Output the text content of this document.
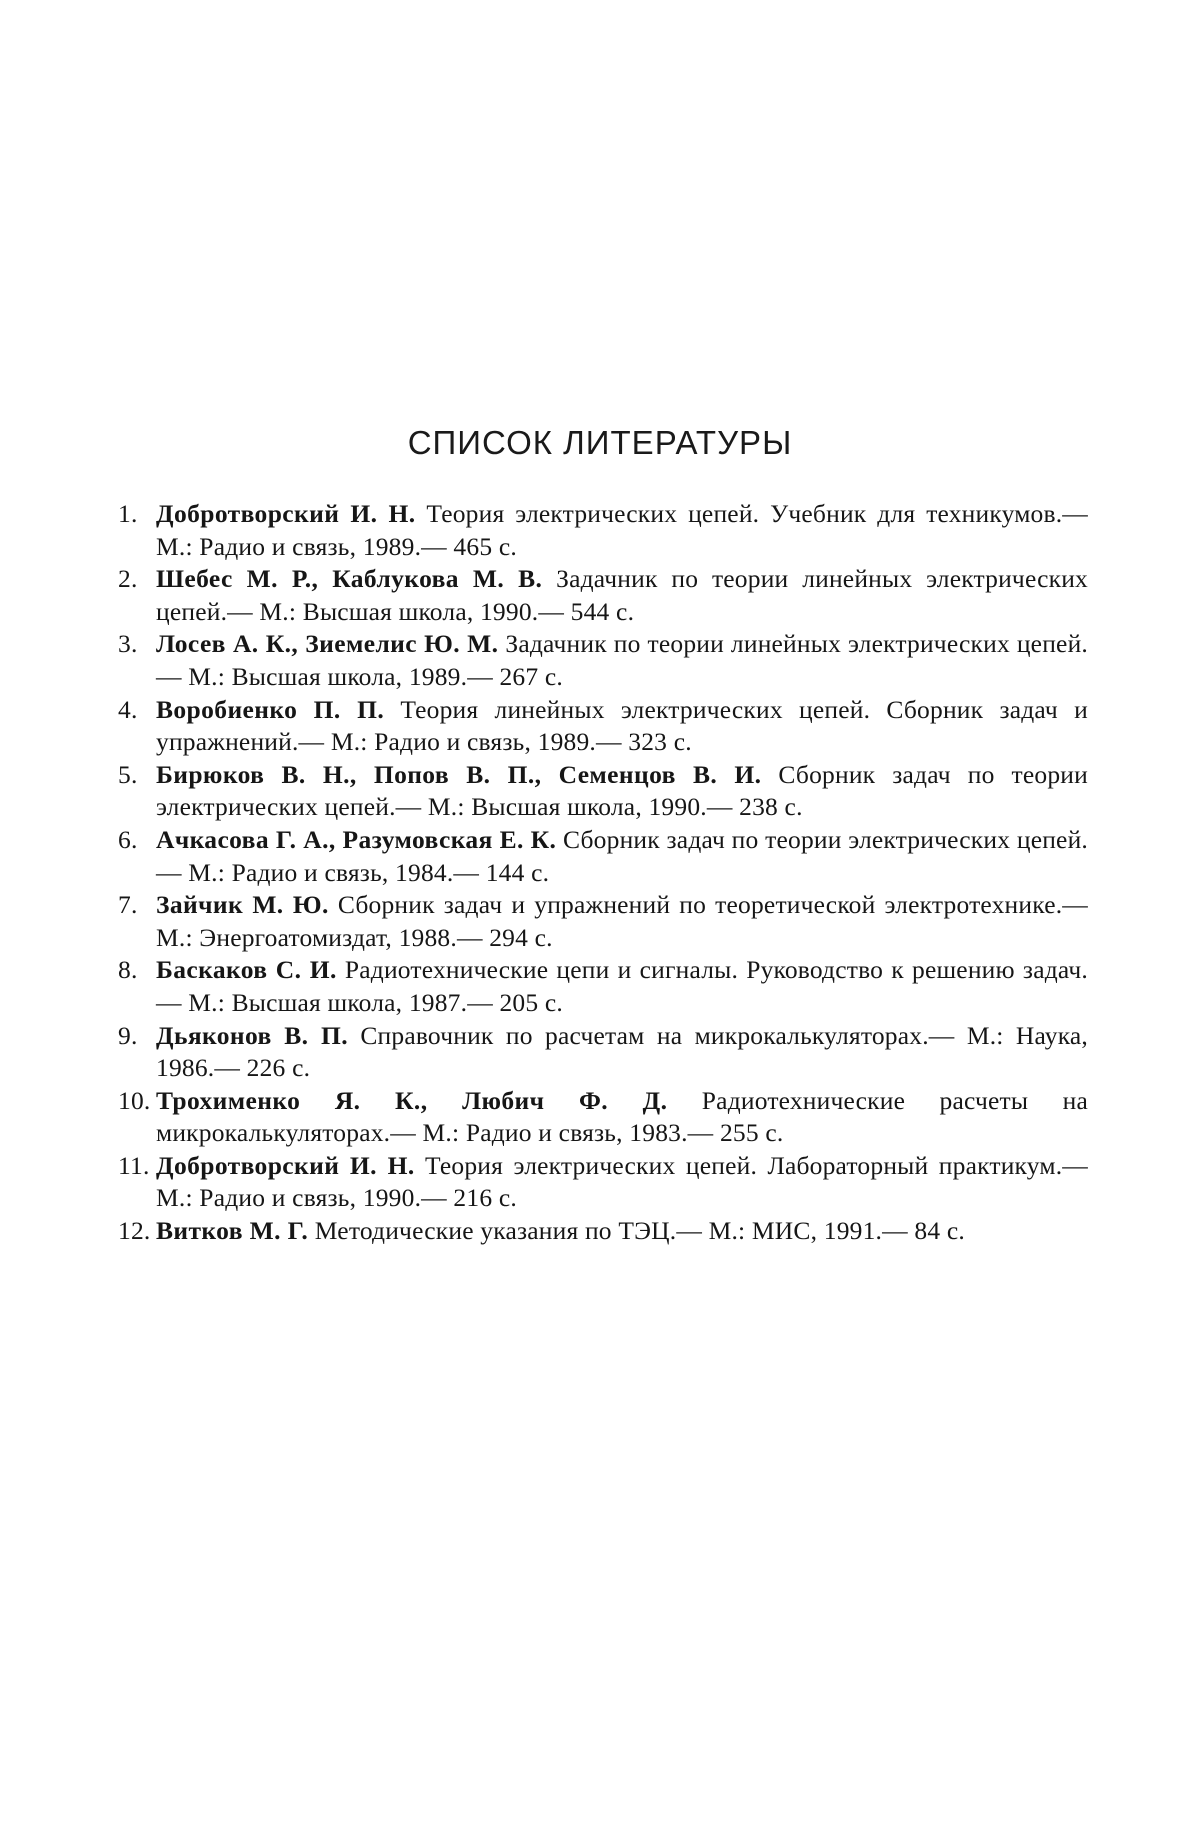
СПИСОК ЛИТЕРАТУРЫ
1. Добротворский И. Н. Теория электрических цепей. Учебник для техникумов.— М.: Радио и связь, 1989.— 465 с.
2. Шебес М. Р., Каблукова М. В. Задачник по теории линейных электрических цепей.— М.: Высшая школа, 1990.— 544 с.
3. Лосев А. К., Зиемелис Ю. М. Задачник по теории линейных электрических цепей.— М.: Высшая школа, 1989.— 267 с.
4. Воробиенко П. П. Теория линейных электрических цепей. Сборник задач и упражнений.— М.: Радио и связь, 1989.— 323 с.
5. Бирюков В. Н., Попов В. П., Семенцов В. И. Сборник задач по теории электрических цепей.— М.: Высшая школа, 1990.— 238 с.
6. Ачкасова Г. А., Разумовская Е. К. Сборник задач по теории электрических цепей.— М.: Радио и связь, 1984.— 144 с.
7. Зайчик М. Ю. Сборник задач и упражнений по теоретической электротехнике.— М.: Энергоатомиздат, 1988.— 294 с.
8. Баскаков С. И. Радиотехнические цепи и сигналы. Руководство к решению задач.— М.: Высшая школа, 1987.— 205 с.
9. Дьяконов В. П. Справочник по расчетам на микрокалькуляторах.— М.: Наука, 1986.— 226 с.
10. Трохименко Я. К., Любич Ф. Д. Радиотехнические расчеты на микрокалькуляторах.— М.: Радио и связь, 1983.— 255 с.
11. Добротворский И. Н. Теория электрических цепей. Лабораторный практикум.— М.: Радио и связь, 1990.— 216 с.
12. Витков М. Г. Методические указания по ТЭЦ.— М.: МИС, 1991.— 84 с.
